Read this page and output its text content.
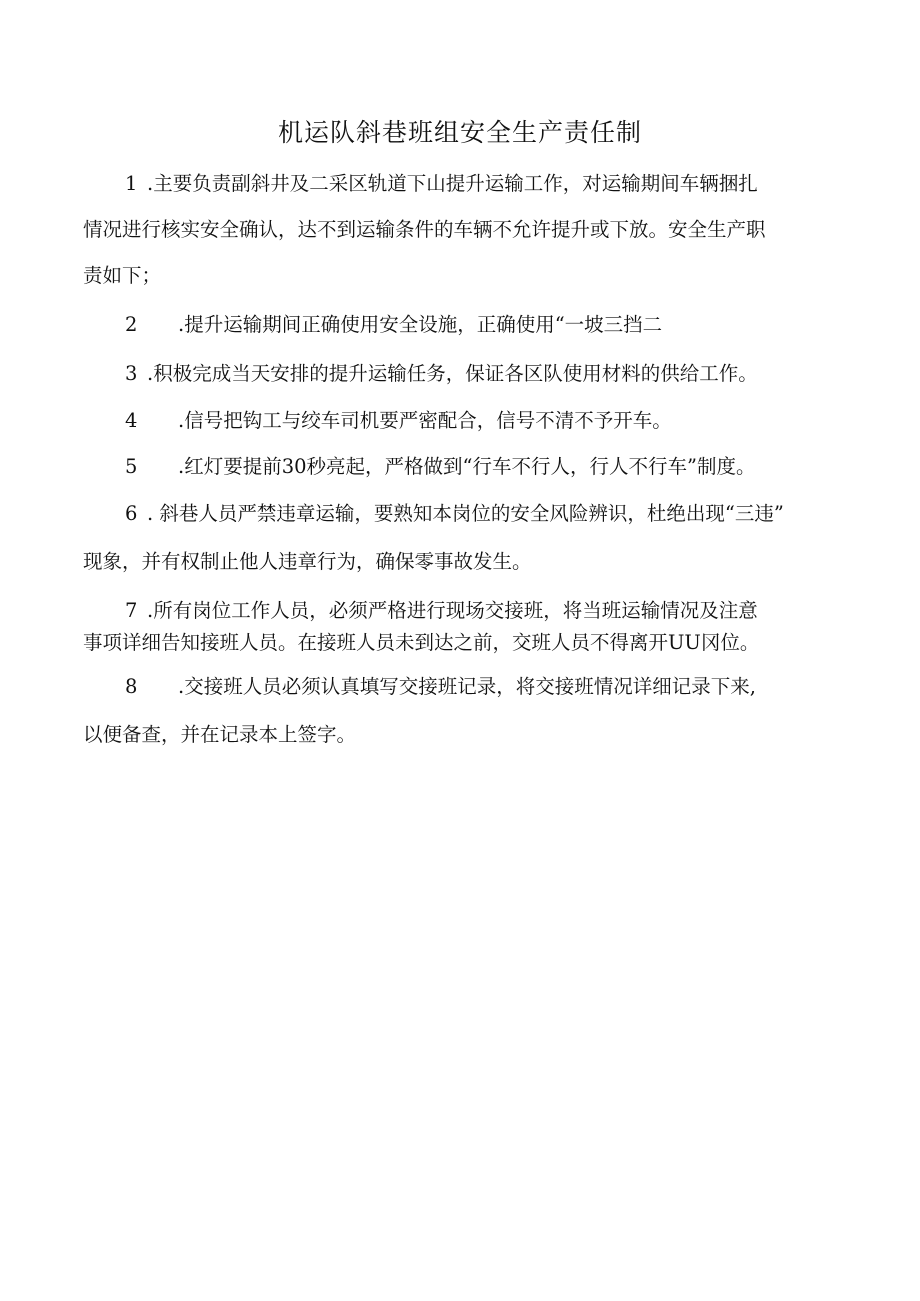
机运队斜巷班组安全生产责任制
1 .主要负责副斜井及二采区轨道下山提升运输工作，对运输期间车辆捆扎
情况进行核实安全确认，达不到运输条件的车辆不允许提升或下放。安全生产职
责如下；
2 .提升运输期间正确使用安全设施，正确使用“一坡三挡二
3 .积极完成当天安排的提升运输任务，保证各区队使用材料的供给工作。
4 .信号把钩工与绞车司机要严密配合，信号不清不予开车。
5 .红灯要提前30秒亮起，严格做到“行车不行人，行人不行车”制度。
6 . 斜巷人员严禁违章运输，要熟知本岗位的安全风险辨识，杜绝出现“三违”
现象，并有权制止他人违章行为，确保零事故发生。
7 .所有岗位工作人员，必须严格进行现场交接班，将当班运输情况及注意
事项详细告知接班人员。在接班人员未到达之前，交班人员不得离开UU冈位。
8 .交接班人员必须认真填写交接班记录，将交接班情况详细记录下来,
以便备查，并在记录本上签字。
